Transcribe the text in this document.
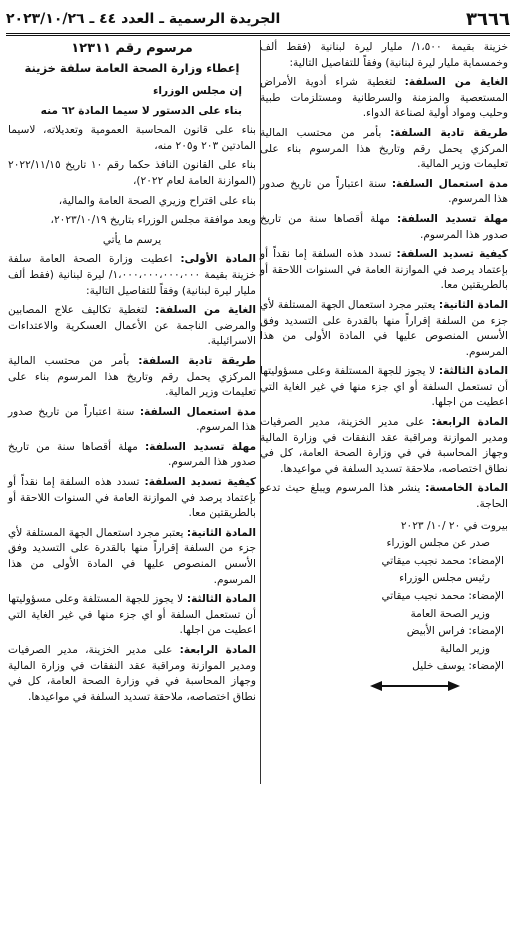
٣٦٦٦
الجريدة الرسمية ـ العدد ٤٤ ـ ٢٠٢٣/١٠/٢٦

خزينة بقيمة ١،٥٠٠/ مليار ليرة لبنانية (فقط ألف وخمسماية مليار ليرة لبنانية) وفقاً للتفاصيل التالية:

الغاية من السلفة: لتغطية شراء أدوية الأمراض المستعصية والمزمنة والسرطانية ومستلزمات طبية وحليب ومواد أولية لصناعة الدواء.

طريقة تادية السلفة: بأمر من محتسب المالية المركزي يحمل رقم وتاريخ هذا المرسوم بناء على تعليمات وزير المالية.

مدة استعمال السلفة: سنة اعتباراً من تاريخ صدور هذا المرسوم.

مهلة تسديد السلفة: مهلة أقصاها سنة من تاريخ صدور هذا المرسوم.

كيفية تسديد السلفة: تسدد هذه السلفة إما نقداً أو بإعتماد يرصد في الموازنة العامة في السنوات اللاحقة أو بالطريقتين معا.

المادة الثانية: يعتبر مجرد استعمال الجهة المستلفة لأي جزء من السلفة إقراراً منها بالقدرة على التسديد وفق الأسس المنصوص عليها في المادة الأولى من هذا المرسوم.

المادة الثالثة: لا يجوز للجهة المستلفة وعلى مسؤوليتها أن تستعمل السلفة أو اي جزء منها في غير الغاية التي اعطيت من اجلها.

المادة الرابعة: على مدير الخزينة، مدير الصرفيات ومدير الموازنة ومراقبة عقد النفقات في وزارة المالية وجهاز المحاسبة في في وزارة الصحة العامة، كل في نطاق اختصاصه، ملاحقة تسديد السلفة في مواعيدها.

المادة الخامسة: ينشر هذا المرسوم ويبلغ حيث تدعو الحاجة.

بيروت في ٢٠ /١٠/ ٢٠٢٣

صدر عن مجلس الوزراء

الإمضاء: محمد نجيب ميقاتي

رئيس مجلس الوزراء

الإمضاء: محمد نجيب ميقاتي

وزير الصحة العامة

الإمضاء: فراس الأبيض

وزير المالية

الإمضاء: يوسف خليل

مرسوم رقم ١٢٣١١
إعطاء وزارة الصحة العامة سلفة خزينة

إن مجلس الوزراء

بناء على الدستور لا سيما المادة ٦٢ منه

بناء على قانون المحاسبة العمومية وتعديلاته، لاسيما المادتين ٢٠٣ و٢٠٥ منه،

بناء على القانون النافذ حكما رقم ١٠ تاريخ ٢٠٢٢/١١/١٥ (الموازنة العامة لعام ٢٠٢٢)،

بناء على اقتراح وزيري الصحة العامة والمالية،

وبعد موافقة مجلس الوزراء بتاريخ ٢٠٢٣/١٠/١٩،

يرسم ما يأتي

المادة الأولى: اعطيت وزارة الصحة العامة سلفة خزينة بقيمة ١،٠٠٠،٠٠٠،٠٠٠،٠٠٠/ ليرة لبنانية (فقط ألف مليار ليرة لبنانية) وفقاً للتفاصيل التالية:

الغاية من السلفة: لتغطية تكاليف علاج المصابين والمرضى الناجمة عن الأعمال العسكرية والاعتداءات الاسرائيلية.

طريقة تادية السلفة: بأمر من محتسب المالية المركزي يحمل رقم وتاريخ هذا المرسوم بناء على تعليمات وزير المالية.

مدة استعمال السلفة: سنة اعتباراً من تاريخ صدور هذا المرسوم.

مهلة تسديد السلفة: مهلة أقصاها سنة من تاريخ صدور هذا المرسوم.

كيفية تسديد السلفة: تسدد هذه السلفة إما نقداً أو بإعتماد يرصد في الموازنة العامة في السنوات اللاحقة أو بالطريقتين معا.

المادة الثانية: يعتبر مجرد استعمال الجهة المستلفة لأي جزء من السلفة إقراراً منها بالقدرة على التسديد وفق الأسس المنصوص عليها في المادة الأولى من هذا المرسوم.

المادة الثالثة: لا يجوز للجهة المستلفة وعلى مسؤوليتها أن تستعمل السلفة أو اي جزء منها في غير الغاية التي اعطيت من اجلها.

المادة الرابعة: على مدير الخزينة، مدير الصرفيات ومدير الموازنة ومراقبة عقد النفقات في وزارة المالية وجهاز المحاسبة في في وزارة الصحة العامة، كل في نطاق اختصاصه، ملاحقة تسديد السلفة في مواعيدها.
